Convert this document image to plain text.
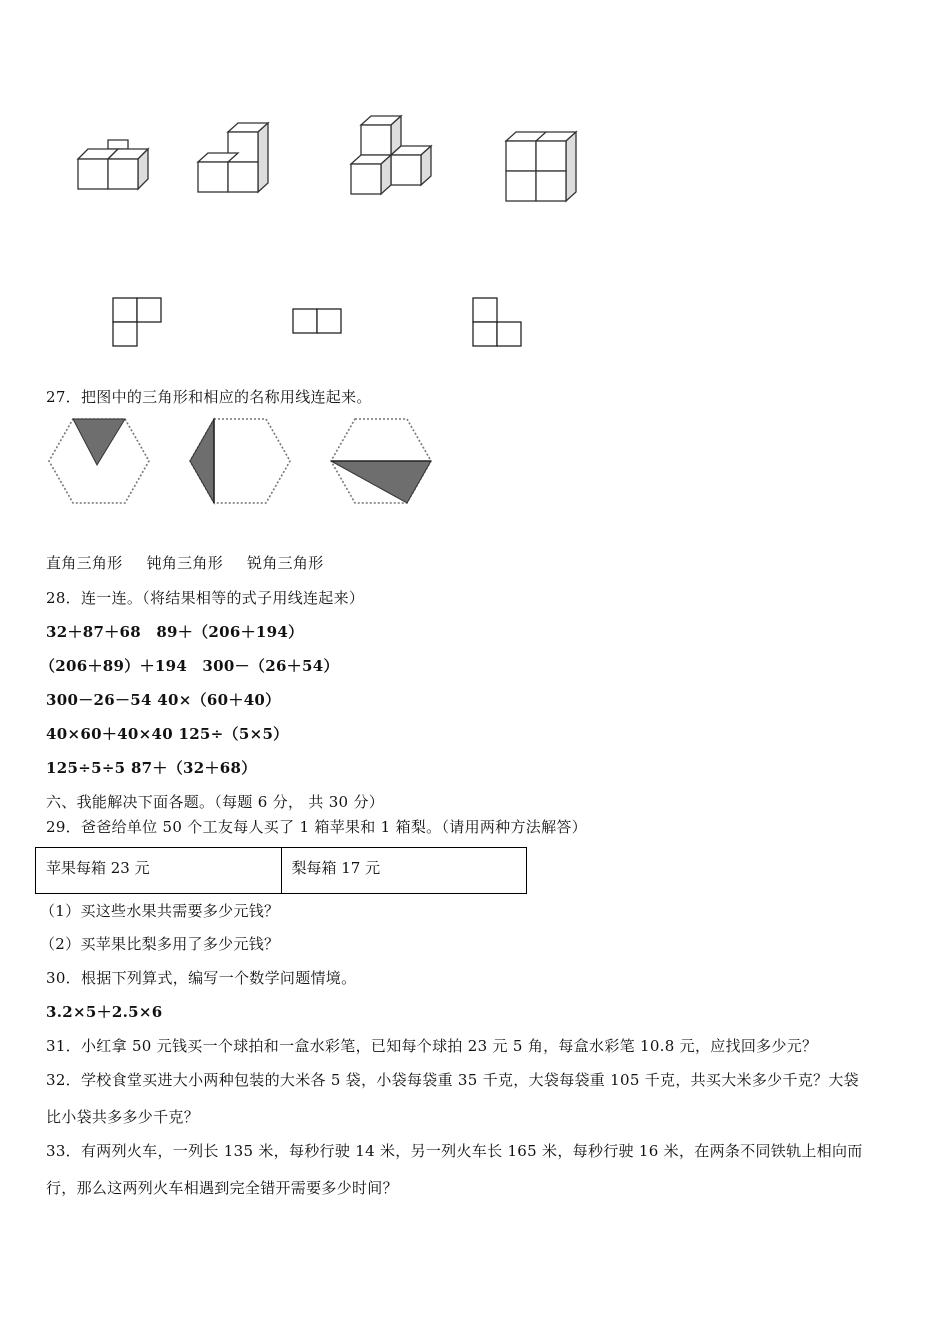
27．把图中的三角形和相应的名称用线连起来。
直角三角形 钝角三角形 锐角三角形
28．连一连。（将结果相等的式子用线连起来）
32＋87＋68　89＋（206＋194）
（206＋89）＋194　300－（26＋54）
300－26－54 40×（60＋40）
40×60＋40×40 125÷（5×5）
125÷5÷5 87＋（32＋68）
六、我能解决下面各题。（每题 6 分， 共 30 分）
29．爸爸给单位 50 个工友每人买了 1 箱苹果和 1 箱梨。（请用两种方法解答）
苹果每箱 23 元	梨每箱 17 元
（1）买这些水果共需要多少元钱？
（2）买苹果比梨多用了多少元钱？
30．根据下列算式，编写一个数学问题情境。
3.2×5＋2.5×6
31．小红拿 50 元钱买一个球拍和一盒水彩笔，已知每个球拍 23 元 5 角，每盒水彩笔 10.8 元，应找回多少元？
32．学校食堂买进大小两种包装的大米各 5 袋，小袋每袋重 35 千克，大袋每袋重 105 千克，共买大米多少千克？大袋
比小袋共多多少千克？
33．有两列火车，一列长 135 米，每秒行驶 14 米，另一列火车长 165 米，每秒行驶 16 米，在两条不同铁轨上相向而
行，那么这两列火车相遇到完全错开需要多少时间？
